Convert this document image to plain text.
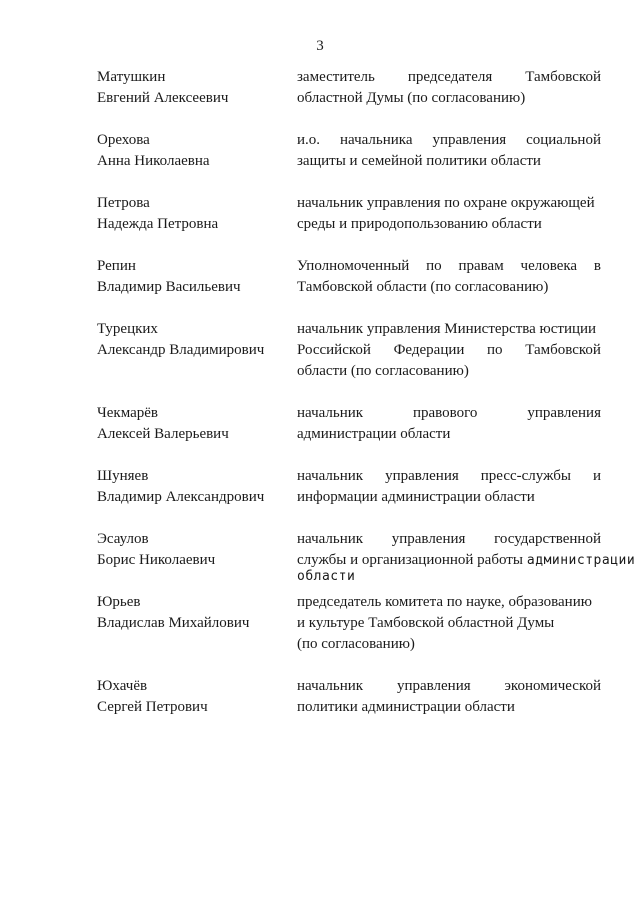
3
Матушкин
Евгений Алексеевич
заместитель председателя Тамбовской
областной Думы (по согласованию)
Орехова
Анна Николаевна
и.о. начальника управления социальной
защиты и семейной политики области
Петрова
Надежда Петровна
начальник управления по охране окружающей
среды и природопользованию области
Репин
Владимир Васильевич
Уполномоченный по правам человека в
Тамбовской области (по согласованию)
Турецких
Александр Владимирович
начальник управления Министерства юстиции
Российской Федерации по Тамбовской
области (по согласованию)
Чекмарёв
Алексей Валерьевич
начальник	правового	управления
администрации области
Шуняев
Владимир Александрович
начальник управления пресс-службы и
информации администрации области
Эсаулов
Борис Николаевич
начальник управления государственной
службы и организационной работы администрации
области
Юрьев
Владислав Михайлович
председатель комитета по науке, образованию
и культуре Тамбовской областной Думы
(по согласованию)
Юхачёв
Сергей Петрович
начальник управления экономической
политики администрации области
